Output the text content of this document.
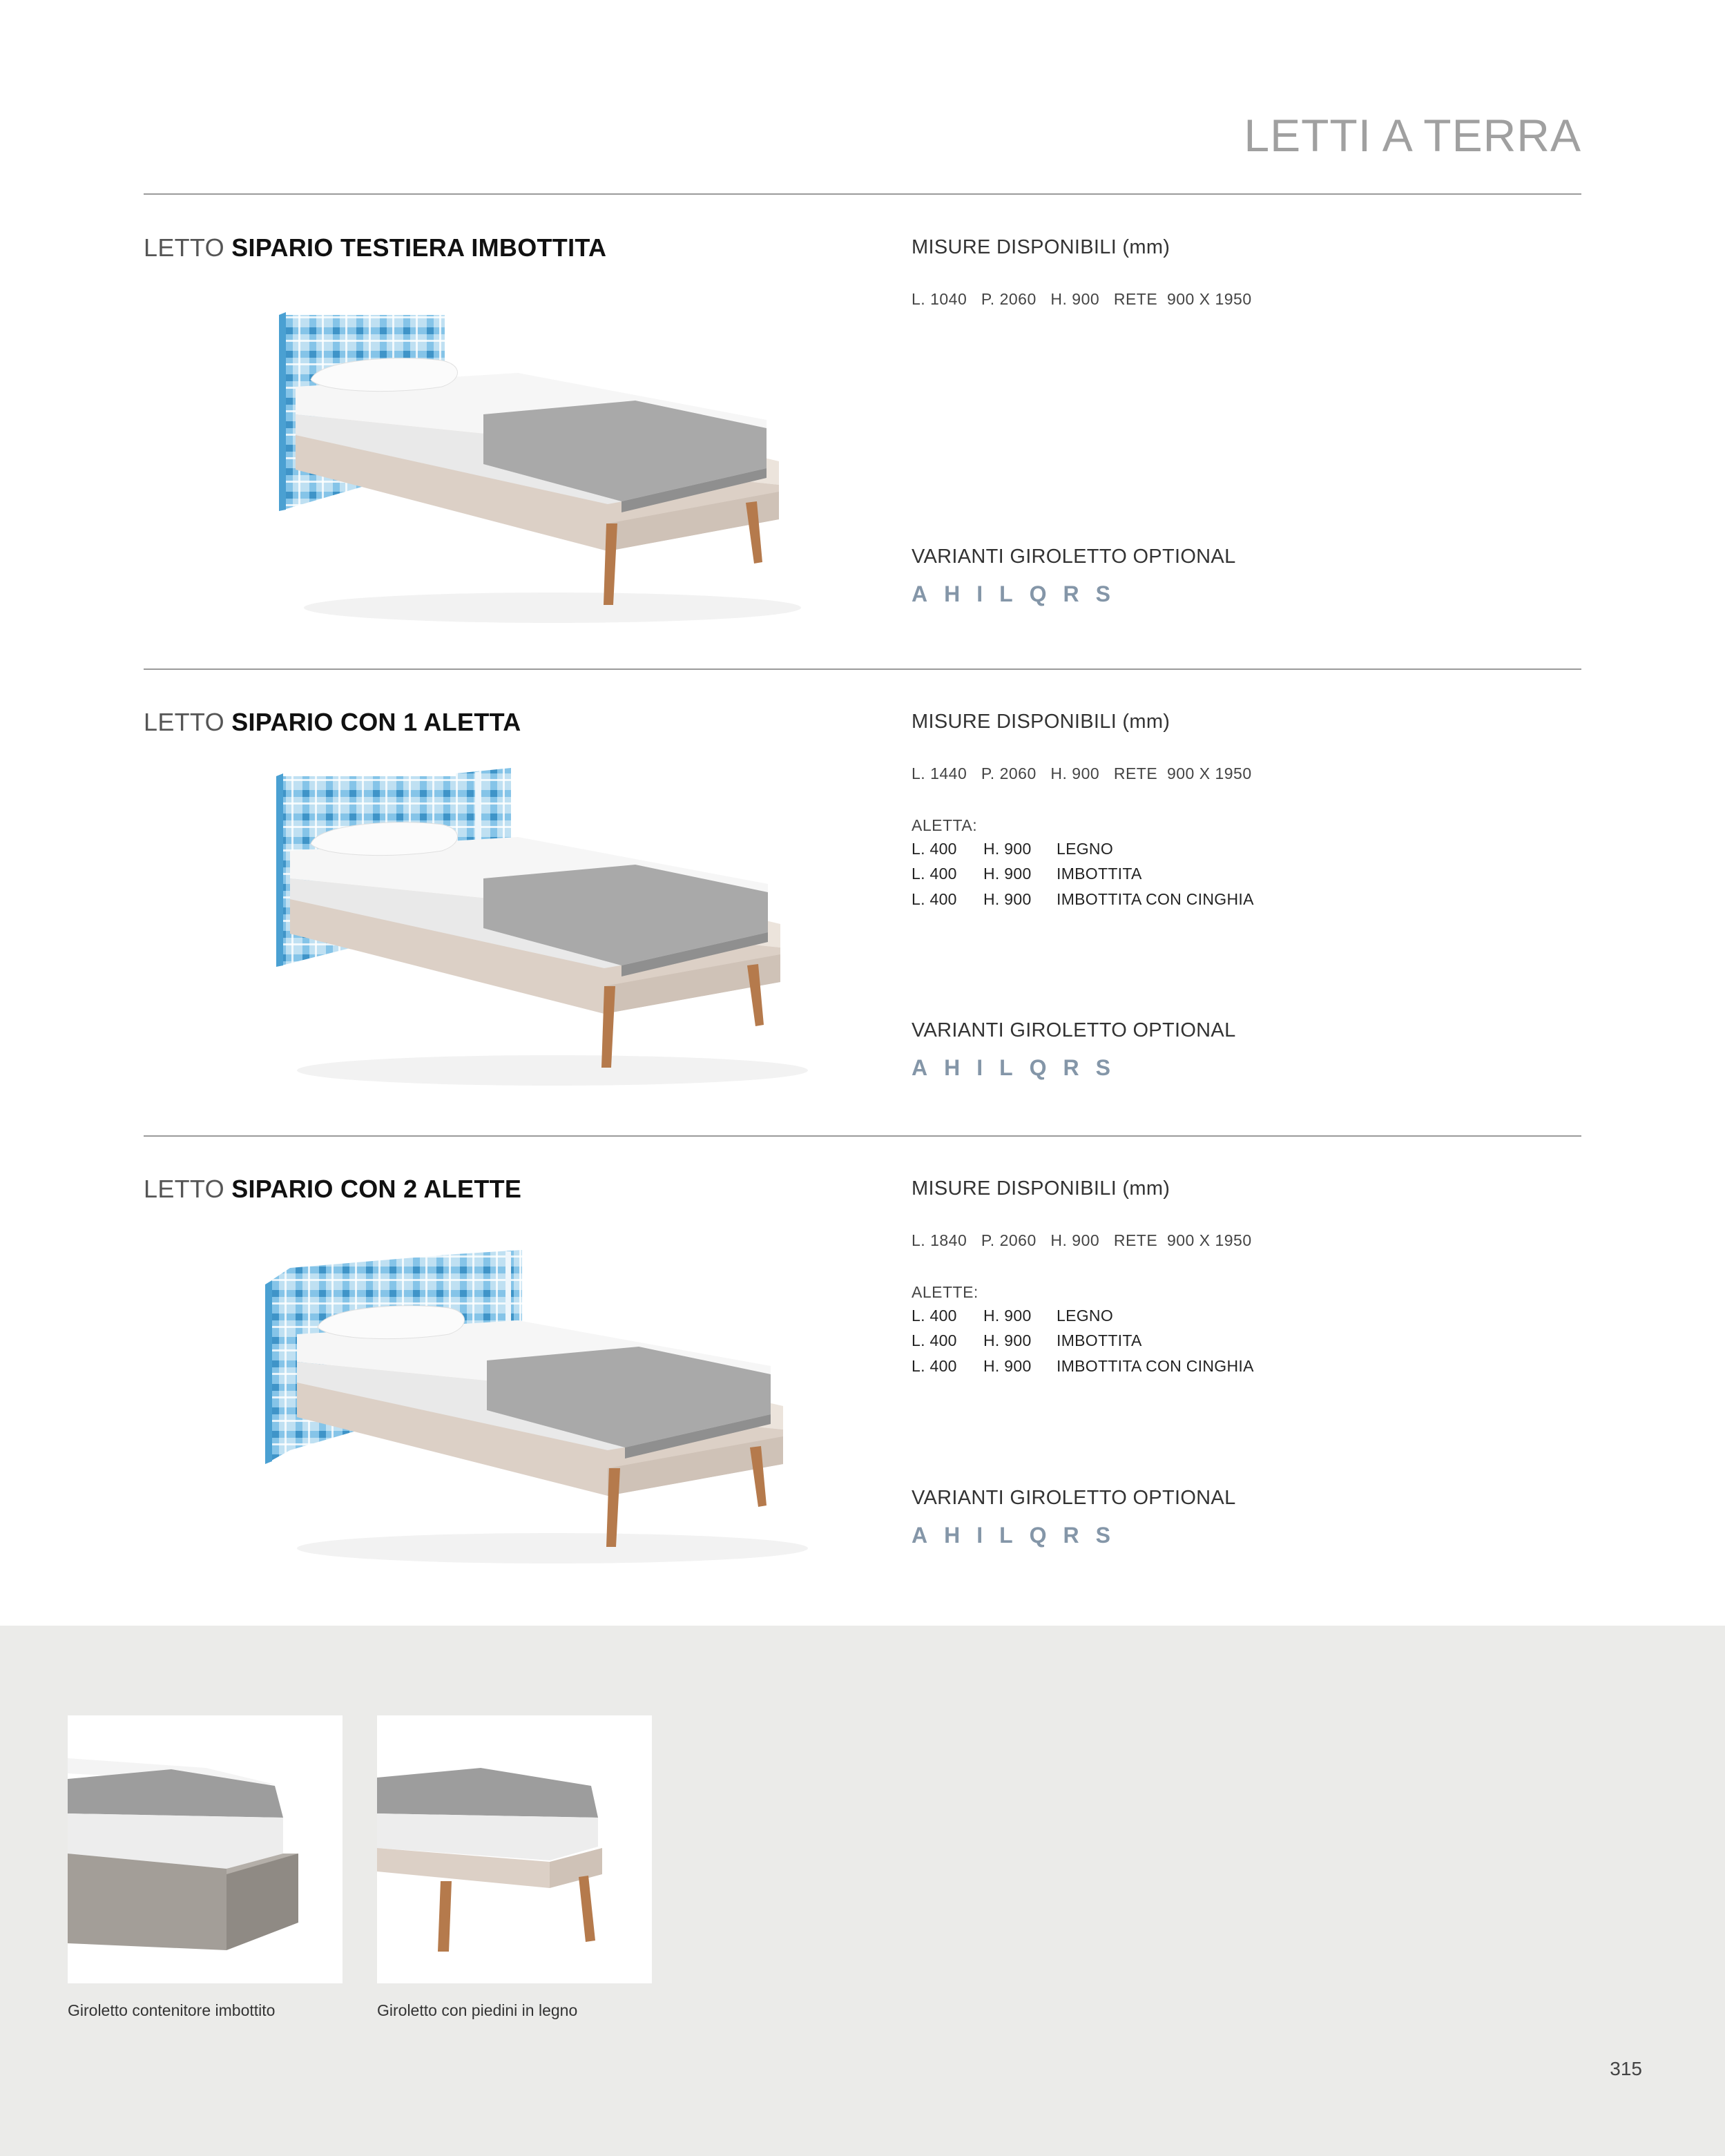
LETTI A TERRA
LETTO SIPARIO TESTIERA IMBOTTITA	MISURE DISPONIBILI (mm)
L. 1040   P. 2060   H. 900   RETE  900 X 1950
VARIANTI GIROLETTO OPTIONAL
AHILQRS
LETTO SIPARIO CON 1 ALETTA	MISURE DISPONIBILI (mm)
L. 1440   P. 2060   H. 900   RETE  900 X 1950
ALETTA:
L. 400	H. 900	LEGNO
L. 400	H. 900	IMBOTTITA
L. 400	H. 900	IMBOTTITA CON CINGHIA
VARIANTI GIROLETTO OPTIONAL
AHILQRS
LETTO SIPARIO CON 2 ALETTE	MISURE DISPONIBILI (mm)
L. 1840   P. 2060   H. 900   RETE  900 X 1950
ALETTE:
L. 400	H. 900	LEGNO
L. 400	H. 900	IMBOTTITA
L. 400	H. 900	IMBOTTITA CON CINGHIA
VARIANTI GIROLETTO OPTIONAL
AHILQRS
Giroletto contenitore imbottito	Giroletto con piedini in legno
315
